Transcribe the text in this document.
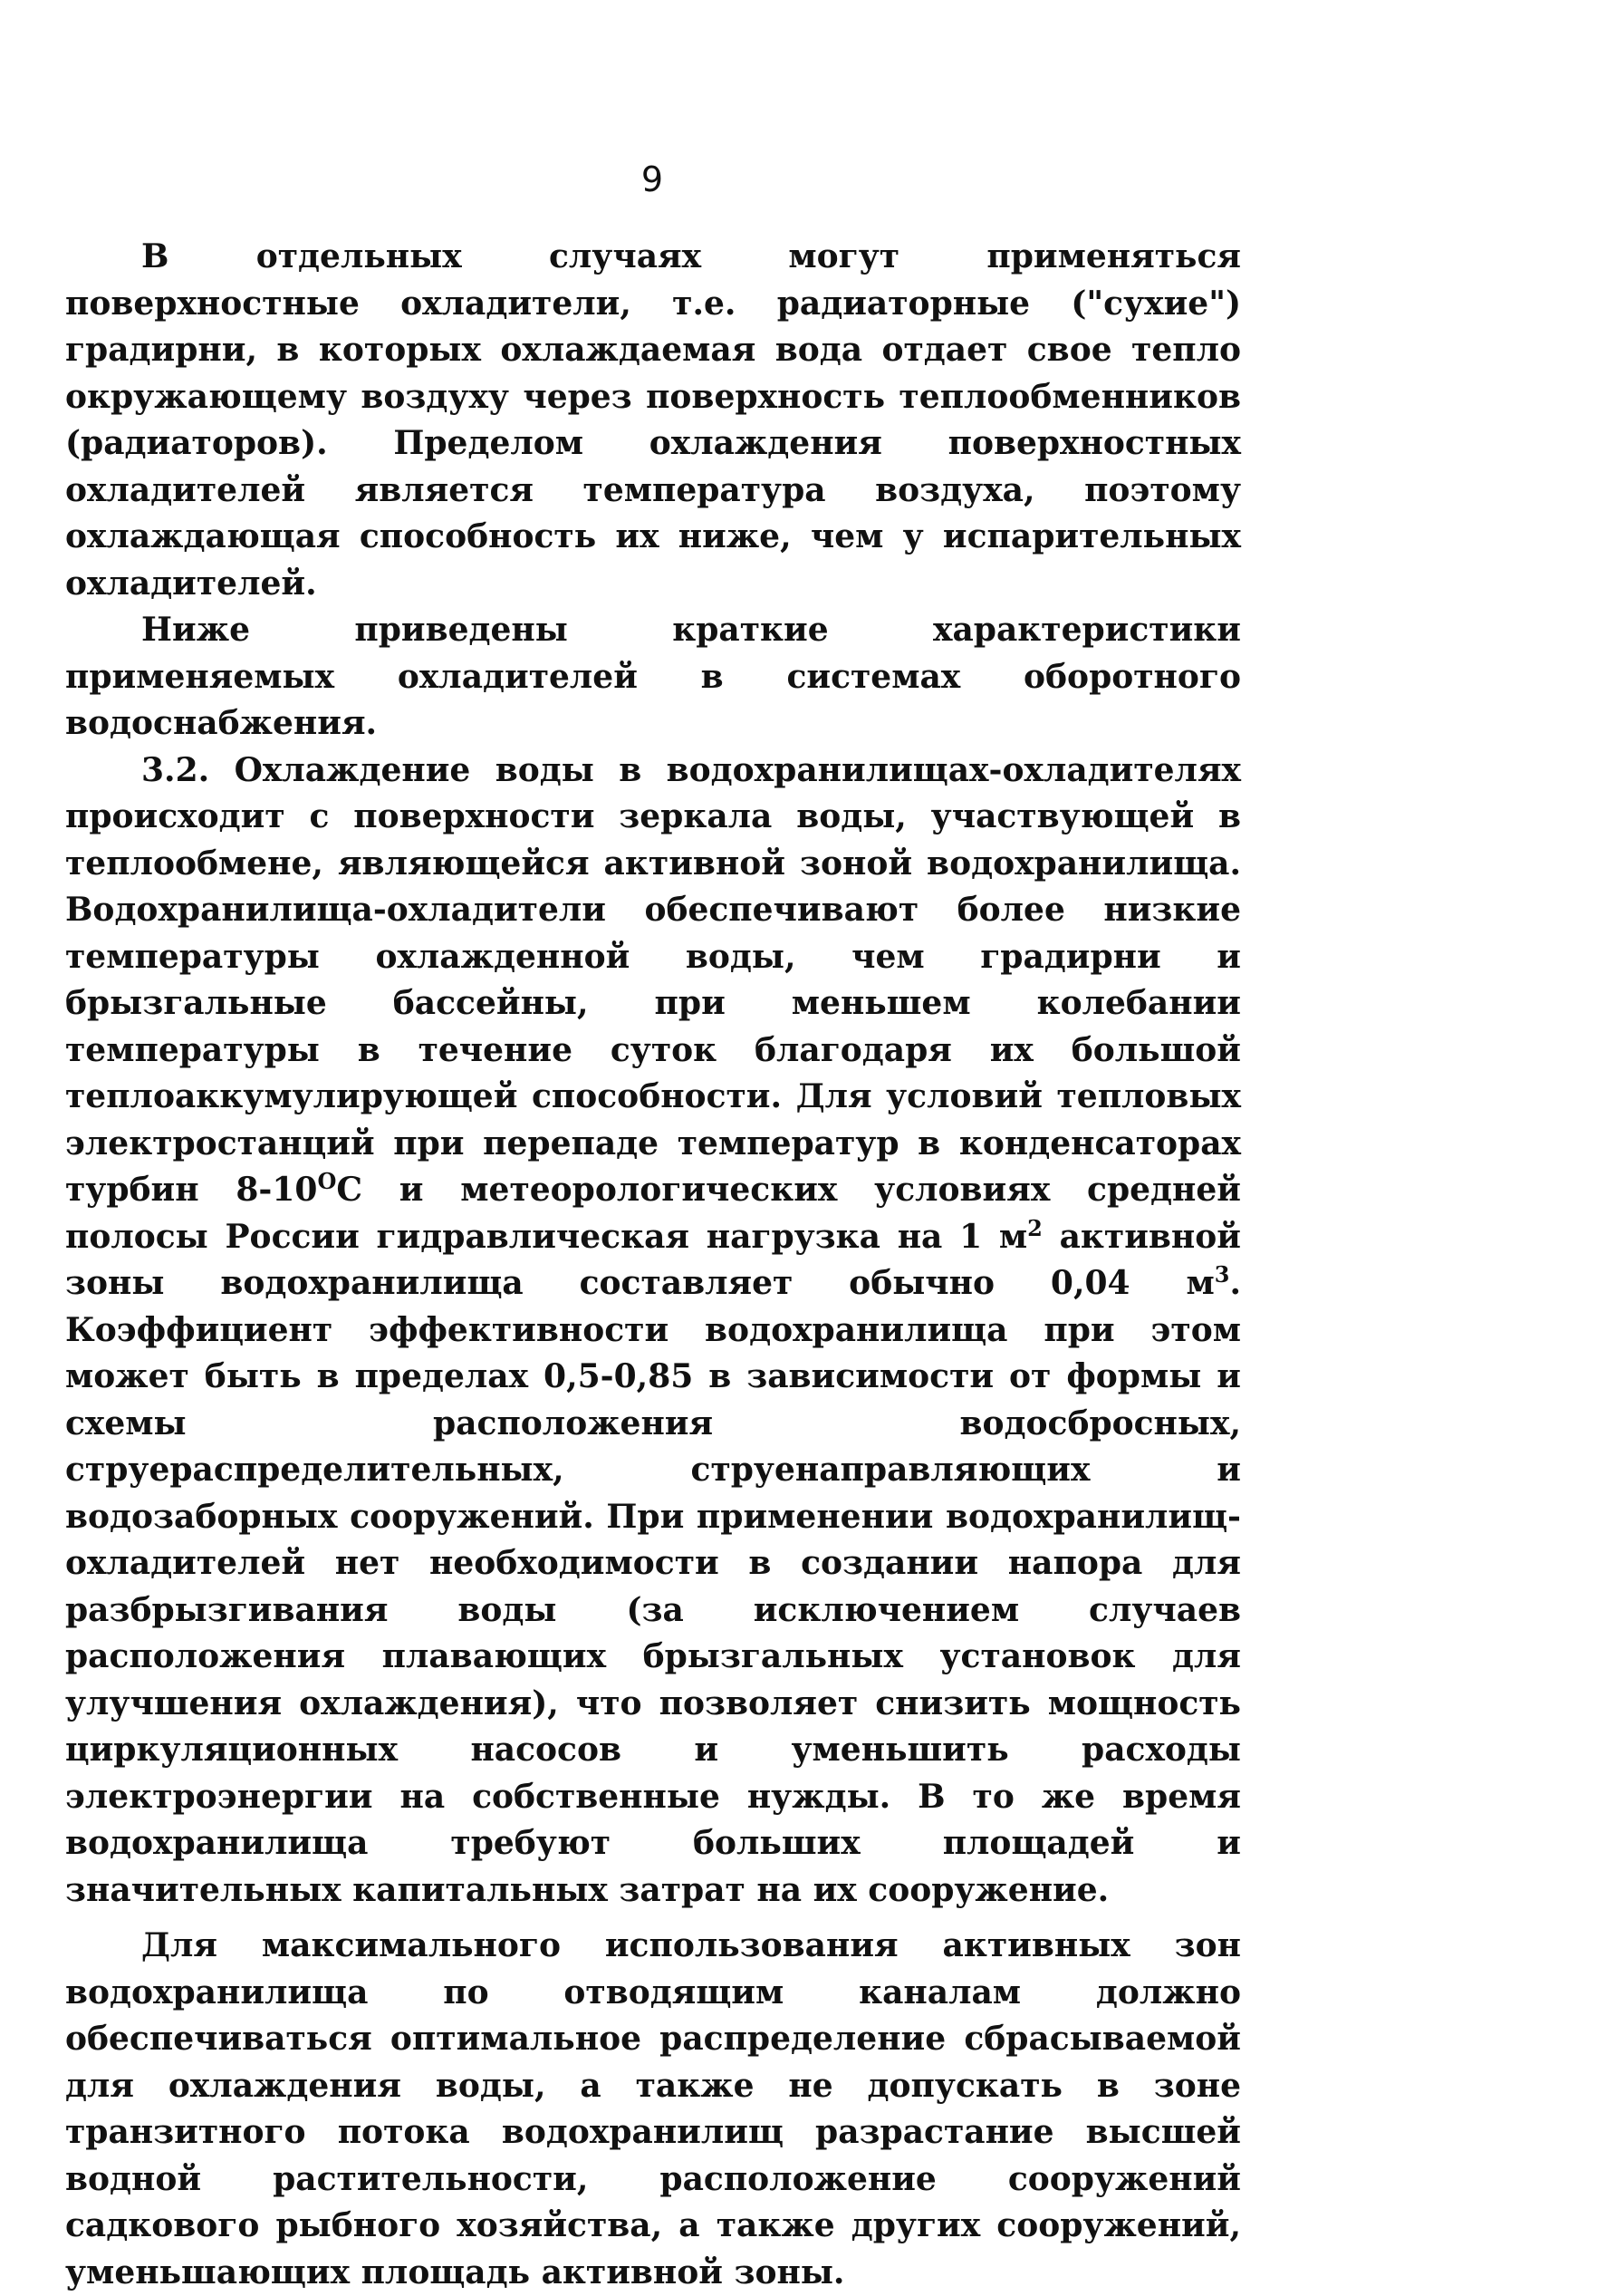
9

В отдельных случаях могут применяться поверхностные охладители, т.е. радиаторные ("сухие") градирни, в которых охлаждаемая вода отдает свое тепло окружающему воздуху через поверхность теплообменников (радиаторов). Пределом охлаждения поверхностных охладителей является температура воздуха, поэтому охлаждающая способность их ниже, чем у испарительных охладителей.

Ниже приведены краткие характеристики применяемых охладителей в системах оборотного водоснабжения.

3.2. Охлаждение воды в водохранилищах-охладителях происходит с поверхности зеркала воды, участвующей в теплообмене, являющейся активной зоной водохранилища. Водохранилища-охладители обеспечивают более низкие температуры охлажденной воды, чем градирни и брызгальные бассейны, при меньшем колебании температуры в течение суток благодаря их большой теплоаккумулирующей способности. Для условий тепловых электростанций при перепаде температур в конденсаторах турбин $8-10^ОС$ и метеорологических условиях средней полосы России гидравлическая нагрузка на 1 $м^2$ активной зоны водохранилища составляет обычно 0,04 $м^3$. Коэффициент эффективности водохранилища при этом может быть в пределах 0,5-0,85 в зависимости от формы и схемы расположения водосбросных, струераспределительных, струенаправляющих и водозаборных сооружений. При применении водохранилищ-охладителей нет необходимости в создании напора для разбрызгивания воды (за исключением случаев расположения плавающих брызгальных установок для улучшения охлаждения), что позволяет снизить мощность циркуляционных насосов и уменьшить расходы электроэнергии на собственные нужды. В то же время водохранилища требуют больших площадей и значительных капитальных затрат на их сооружение.

Для максимального использования активных зон водохранилища по отводящим каналам должно обеспечиваться оптимальное распределение сбрасываемой для охлаждения воды, а также не допускать в зоне транзитного потока водохранилищ разрастание высшей водной растительности, расположение сооружений садкового рыбного хозяйства, а также других сооружений, уменьшающих площадь активной зоны.
